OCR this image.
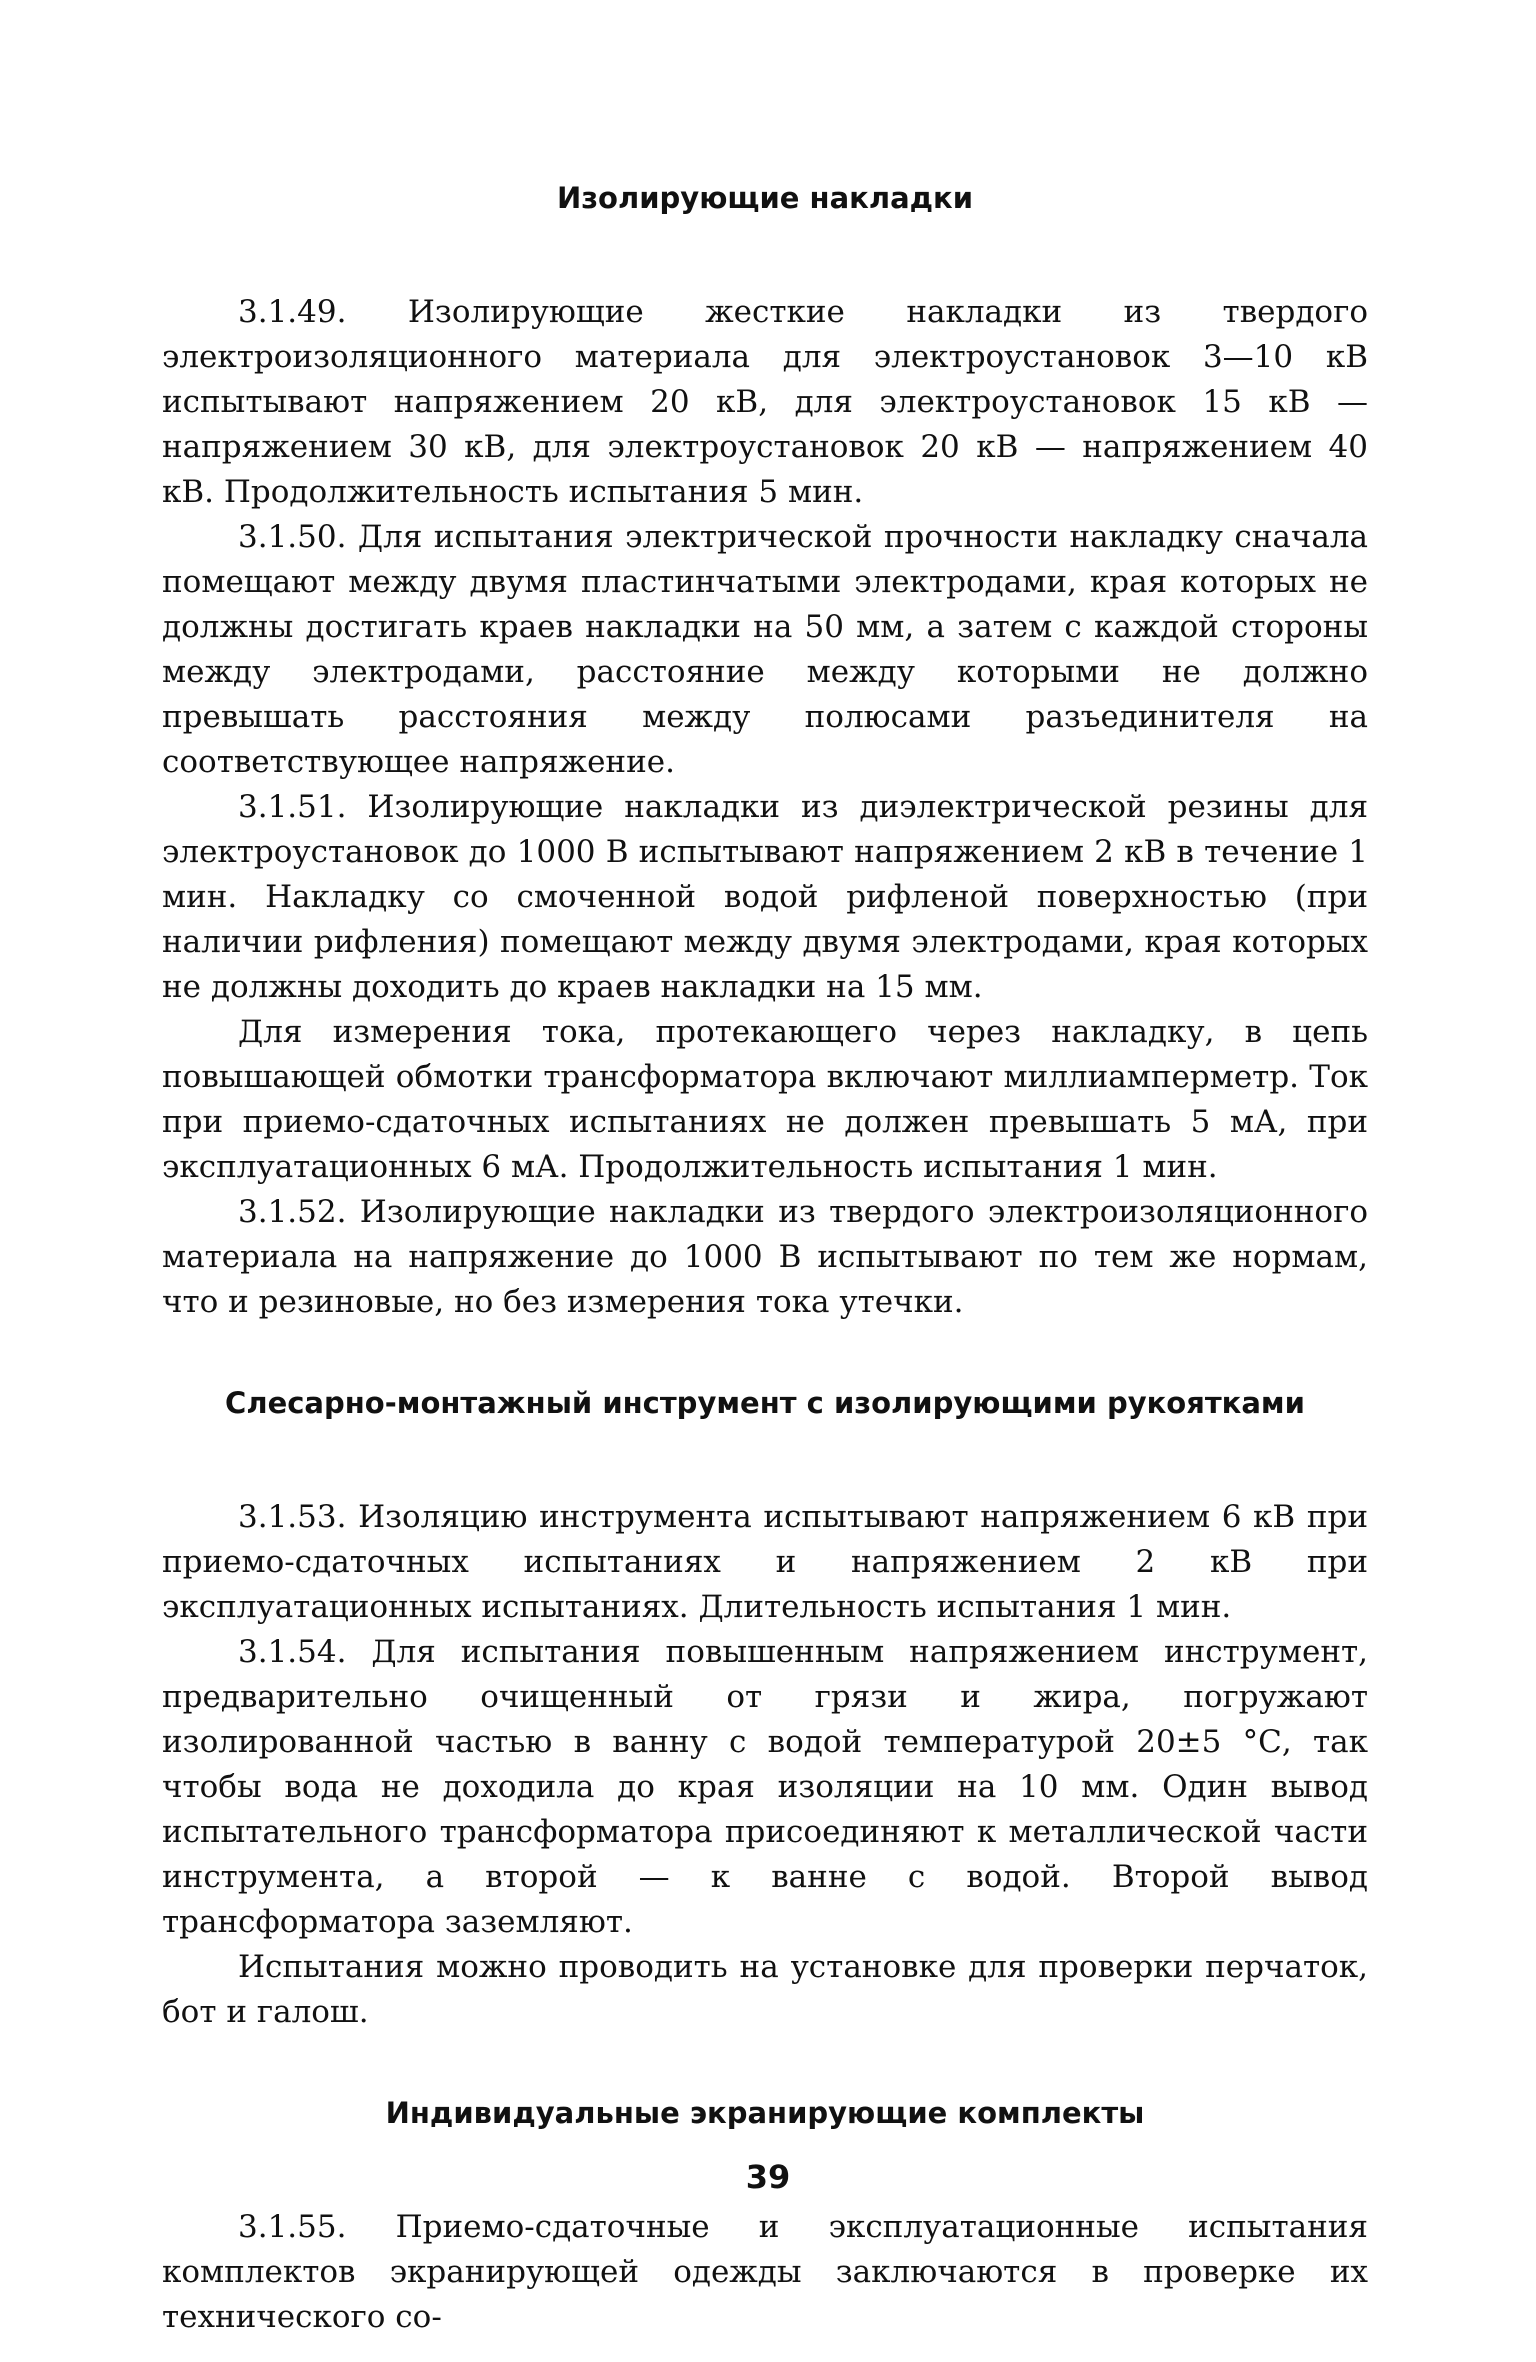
Изолирующие накладки

3.1.49. Изолирующие жесткие накладки из твердого электроизоляционного материала для электроустановок 3—10 кВ испытывают напряжением 20 кВ, для электроустановок 15 кВ — напряжением 30 кВ, для электроустановок 20 кВ — напряжением 40 кВ. Продолжительность испытания 5 мин.

3.1.50. Для испытания электрической прочности накладку сначала помещают между двумя пластинчатыми электродами, края которых не должны достигать краев накладки на 50 мм, а затем с каждой стороны между электродами, расстояние между которыми не должно превышать расстояния между полюсами разъединителя на соответствующее напряжение.

3.1.51. Изолирующие накладки из диэлектрической резины для электроустановок до 1000 В испытывают напряжением 2 кВ в течение 1 мин. Накладку со смоченной водой рифленой поверхностью (при наличии рифления) помещают между двумя электродами, края которых не должны доходить до краев накладки на 15 мм.

Для измерения тока, протекающего через накладку, в цепь повышающей обмотки трансформатора включают миллиамперметр. Ток при приемо-сдаточных испытаниях не должен превышать 5 мА, при эксплуатационных 6 мА. Продолжительность испытания 1 мин.

3.1.52. Изолирующие накладки из твердого электроизоляционного материала на напряжение до 1000 В испытывают по тем же нормам, что и резиновые, но без измерения тока утечки.

Слесарно-монтажный инструмент с изолирующими рукоятками

3.1.53. Изоляцию инструмента испытывают напряжением 6 кВ при приемо-сдаточных испытаниях и напряжением 2 кВ при эксплуатационных испытаниях. Длительность испытания 1 мин.

3.1.54. Для испытания повышенным напряжением инструмент, предварительно очищенный от грязи и жира, погружают изолированной частью в ванну с водой температурой 20±5 °С, так чтобы вода не доходила до края изоляции на 10 мм. Один вывод испытательного трансформатора присоединяют к металлической части инструмента, а второй — к ванне с водой. Второй вывод трансформатора заземляют.

Испытания можно проводить на установке для проверки перчаток, бот и галош.

Индивидуальные экранирующие комплекты

3.1.55. Приемо-сдаточные и эксплуатационные испытания комплектов экранирующей одежды заключаются в проверке их технического со-

39
